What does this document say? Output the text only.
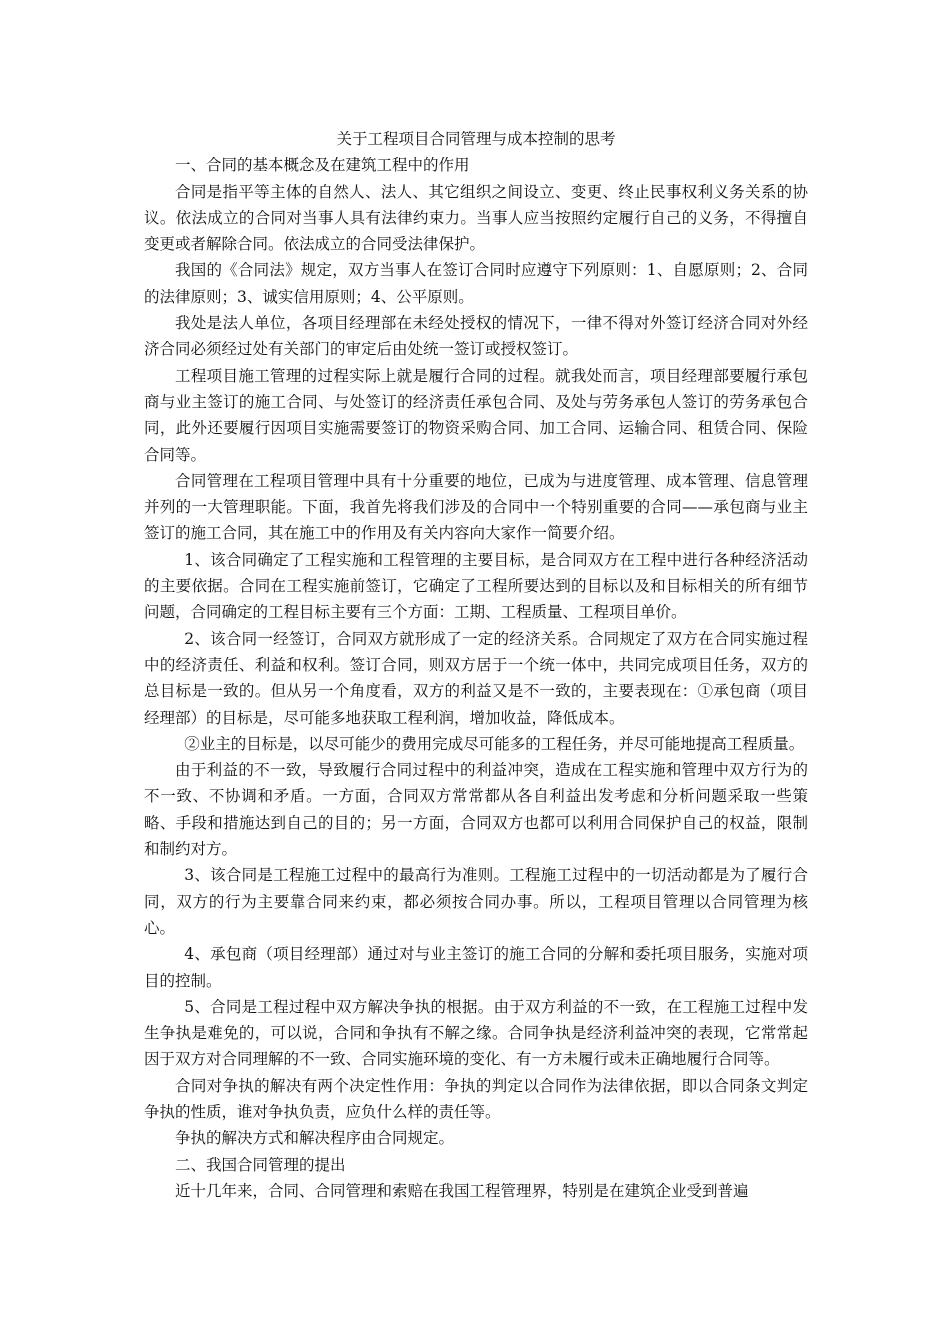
关于工程项目合同管理与成本控制的思考

一、合同的基本概念及在建筑工程中的作用

合同是指平等主体的自然人、法人、其它组织之间设立、变更、终止民事权利义务关系的协议。依法成立的合同对当事人具有法律约束力。当事人应当按照约定履行自己的义务，不得擅自变更或者解除合同。依法成立的合同受法律保护。

我国的《合同法》规定，双方当事人在签订合同时应遵守下列原则：1、自愿原则；2、合同的法律原则；3、诚实信用原则；4、公平原则。

我处是法人单位，各项目经理部在未经处授权的情况下，一律不得对外签订经济合同对外经济合同必须经过处有关部门的审定后由处统一签订或授权签订。

工程项目施工管理的过程实际上就是履行合同的过程。就我处而言，项目经理部要履行承包商与业主签订的施工合同、与处签订的经济责任承包合同、及处与劳务承包人签订的劳务承包合同，此外还要履行因项目实施需要签订的物资采购合同、加工合同、运输合同、租赁合同、保险合同等。

合同管理在工程项目管理中具有十分重要的地位，已成为与进度管理、成本管理、信息管理并列的一大管理职能。下面，我首先将我们涉及的合同中一个特别重要的合同——承包商与业主签订的施工合同，其在施工中的作用及有关内容向大家作一简要介绍。

1、该合同确定了工程实施和工程管理的主要目标，是合同双方在工程中进行各种经济活动的主要依据。合同在工程实施前签订，它确定了工程所要达到的目标以及和目标相关的所有细节问题，合同确定的工程目标主要有三个方面：工期、工程质量、工程项目单价。

2、该合同一经签订，合同双方就形成了一定的经济关系。合同规定了双方在合同实施过程中的经济责任、利益和权利。签订合同，则双方居于一个统一体中，共同完成项目任务，双方的总目标是一致的。但从另一个角度看，双方的利益又是不一致的，主要表现在：①承包商（项目经理部）的目标是，尽可能多地获取工程利润，增加收益，降低成本。

②业主的目标是，以尽可能少的费用完成尽可能多的工程任务，并尽可能地提高工程质量。

由于利益的不一致，导致履行合同过程中的利益冲突，造成在工程实施和管理中双方行为的不一致、不协调和矛盾。一方面，合同双方常常都从各自利益出发考虑和分析问题采取一些策略、手段和措施达到自己的目的；另一方面，合同双方也都可以利用合同保护自己的权益，限制和制约对方。

3、该合同是工程施工过程中的最高行为准则。工程施工过程中的一切活动都是为了履行合同，双方的行为主要靠合同来约束，都必须按合同办事。所以，工程项目管理以合同管理为核心。

4、承包商（项目经理部）通过对与业主签订的施工合同的分解和委托项目服务，实施对项目的控制。

5、合同是工程过程中双方解决争执的根据。由于双方利益的不一致，在工程施工过程中发生争执是难免的，可以说，合同和争执有不解之缘。合同争执是经济利益冲突的表现，它常常起因于双方对合同理解的不一致、合同实施环境的变化、有一方未履行或未正确地履行合同等。

合同对争执的解决有两个决定性作用：争执的判定以合同作为法律依据，即以合同条文判定争执的性质，谁对争执负责，应负什么样的责任等。

争执的解决方式和解决程序由合同规定。

二、我国合同管理的提出

近十几年来，合同、合同管理和索赔在我国工程管理界，特别是在建筑企业受到普遍
